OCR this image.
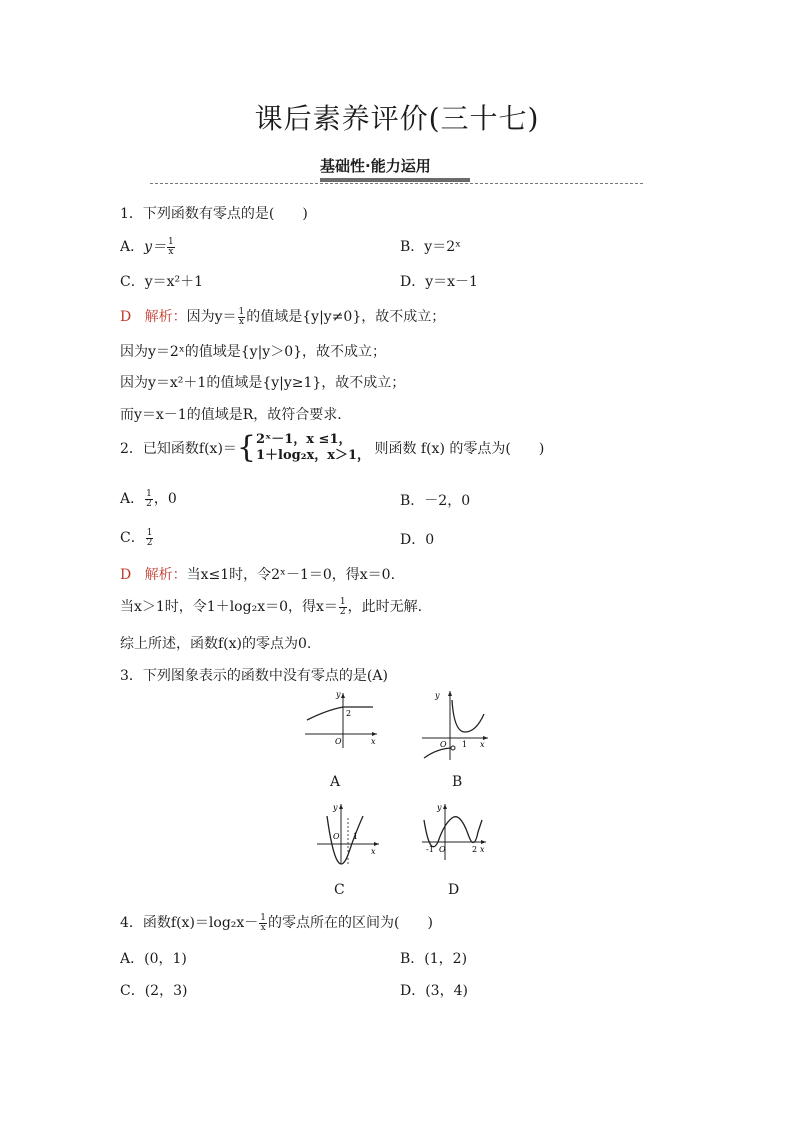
课后素养评价(三十七)
基础性·能力运用
1．下列函数有零点的是(　　)
A．$y= \frac{1}{x}$	B．y＝2ˣ
C．y＝x²＋1	D．y＝x－1
D 解析：因为$y= \frac{1}{x}$ 的值域是{y|y≠0}，故不成立；
因为y＝2ˣ的值域是{y|y＞0}，故不成立；
因为y＝x²＋1的值域是{y|y≥1}，故不成立；
而y＝x－1的值域是R，故符合要求.
2．已知函数f(x)＝{ 2ˣ－1，x ≤1，
1＋log₂x，x＞1， 则函数 f(x) 的零点为(　　)
A． $\frac{1}{2}$ ，0	B．－2，0
C． $\frac{1}{2}$	D．0
D 解析：当x≤1时，令2ˣ－1＝0，得x＝0.
当x＞1时，令1＋log₂x＝0，得$x= \frac{1}{2}$ ，此时无解.
综上所述，函数f(x)的零点为0.
3．下列图象表示的函数中没有零点的是(A)
y
2
O	x
A
y
O 1 x
B
y
O 1
x
C
y
-1 O	2 x
D
4．函数$f(x)=\log_2x- \frac{1}{x}$ 的零点所在的区间为(　　)
A．(0，1)	B．(1，2)
C．(2，3)	D．(3，4)
